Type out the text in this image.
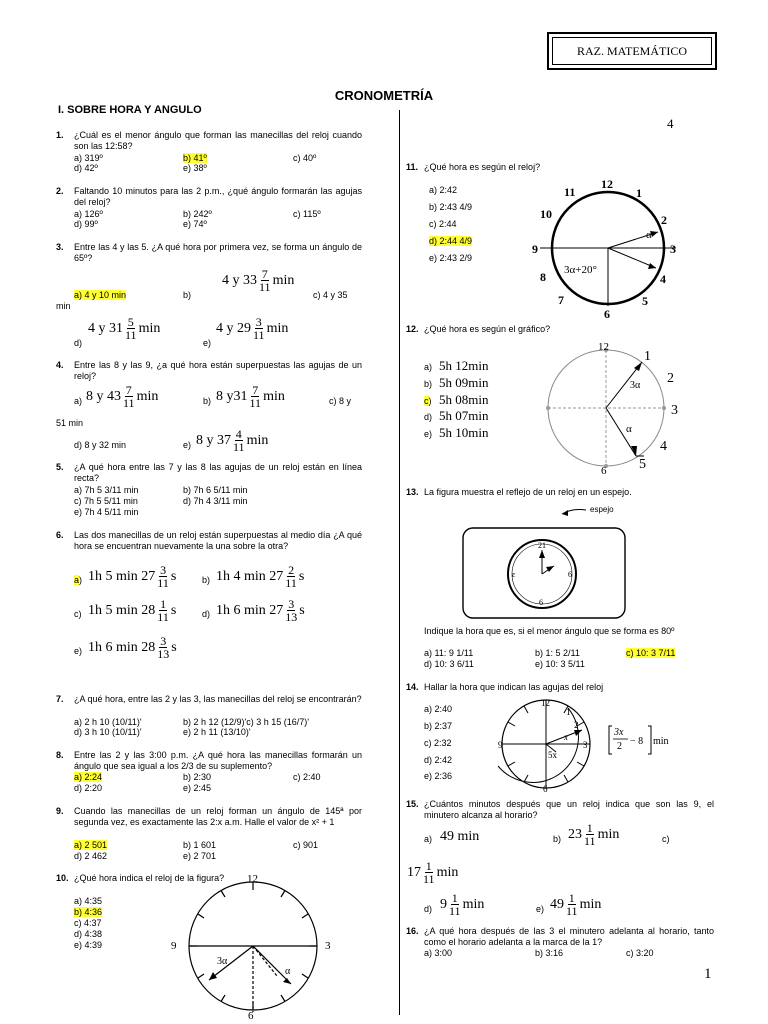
RAZ. MATEMÁTICO
CRONOMETRÍA
I. SOBRE HORA Y ANGULO
4
1
1. ¿Cuál es el menor ángulo que forman las manecillas del reloj cuando son las 12:58?
a) 319º	b) 41º	c) 40º
d) 42º	e) 38º
2. Faltando 10 minutos para las 2 p.m., ¿qué ángulo formarán las agujas del reloj?
a) 126º	b) 242º	c) 115º
d) 99º	e) 74º
3. Entre las 4 y las 5. ¿A qué hora por primera vez, se forma un ángulo de 65º?
a) 4 y 10 min	b)
4 y $33 \frac{7}{11}$ min
c) 4 y 35
min
d)
4 y $31 \frac{5}{11}$ min
e)
4 y $29 \frac{3}{11}$ min
4. Entre las 8 y las 9, ¿a qué hora están superpuestas las agujas de un reloj?
a) 8 y $43 \frac{7}{11}$ min	b) 8 $y31 \frac{7}{11}$ min	c) 8 y
51 min
d) 8 y 32 min	e) 8 y $37 \frac{4}{11}$ min
5. ¿A qué hora entre las 7 y las 8 las agujas de un reloj están en línea recta?
a) 7h 5 3/11 min	b) 7h 6 5/11 min
c) 7h 5 5/11 min	d) 7h 4 3/11 min
e) 7h 4 5/11 min
6. Las dos manecillas de un reloj están superpuestas al medio día ¿A qué hora se encuentran nuevamente la una sobre la otra?
a) 1h 5 $\min 27 \frac{3}{11}$ s	b) 1h 4 $\min 27 \frac{2}{11}$ s
c) 1h 5 $\min 28 \frac{1}{11}$ s	d) 1h 6 $\min 27 \frac{3}{13}$ s
e) 1h 6 $\min 28 \frac{3}{13}$ s
7. ¿A qué hora, entre las 2 y las 3, las manecillas del reloj se encontrarán?
a) 2 h 10 (10/11)'	b) 2 h 12 (12/9)'c) 3 h 15 (16/7)'
d) 3 h 10 (10/11)'	e) 2 h 11 (13/10)'
8. Entre las 2 y las 3:00 p.m. ¿A qué hora las manecillas formarán un ángulo que sea igual a los 2/3 de su suplemento?
a) 2:24	b) 2:30	c) 2:40
d) 2:20	e) 2:45
9. Cuando las manecillas de un reloj forman un ángulo de 145ª por segunda vez, es exactamente las 2:x a.m. Halle el valor de x² + 1
a) 2 501	b) 1 601	c) 901
d) 2 462	e) 2 701
10. ¿Qué hora indica el reloj de la figura?
a) 4:35
b) 4:36
c) 4:37
d) 4:38
e) 4:39
12
3
6
9
3α
α
11. ¿Qué hora es según el reloj?
a) 2:42
b) 2:43 4/9
c) 2:44
d) 2:44 4/9
e) 2:43 2/9
12
1
2
3
4
5
6
7
8
9
10
11
α
3α+20°
12. ¿Qué hora es según el gráfico?
a) 5h 12min
b) 5h 09min
c) 5h 08min
d) 5h 07min
e) 5h 10min
12
1
2
3
4
5
6
3α
α
13. La figura muestra el reflejo de un reloj en un espejo.
espejo
21
ɛ	6
6
Indique la hora que es, si el menor ángulo que se forma es 80º
a) 11: 9 1/11	b) 1: 5 2/11	c) 10: 3 7/11
d) 10: 3 6/11	e) 10: 3 5/11
14. Hallar la hora que indican las agujas del reloj
a) 2:40
b) 2:37
c) 2:32
d) 2:42
e) 2:36
12
1
2
3
9
6
x
5x
3x
2 − 8 min
15. ¿Cuántos minutos después que un reloj indica que son las 9, el minutero alcanza al horario?
a) 49 min	b) $23 \frac{1}{11}$ min	c)
$17 \frac{1}{11}$ min
d) $9 \frac{1}{11}$ min	e) $49 \frac{1}{11}$ min
16. ¿A qué hora después de las 3 el minutero adelanta al horario, tanto como el horario adelanta a la marca de la 1?
a) 3:00	b) 3:16	c) 3:20
